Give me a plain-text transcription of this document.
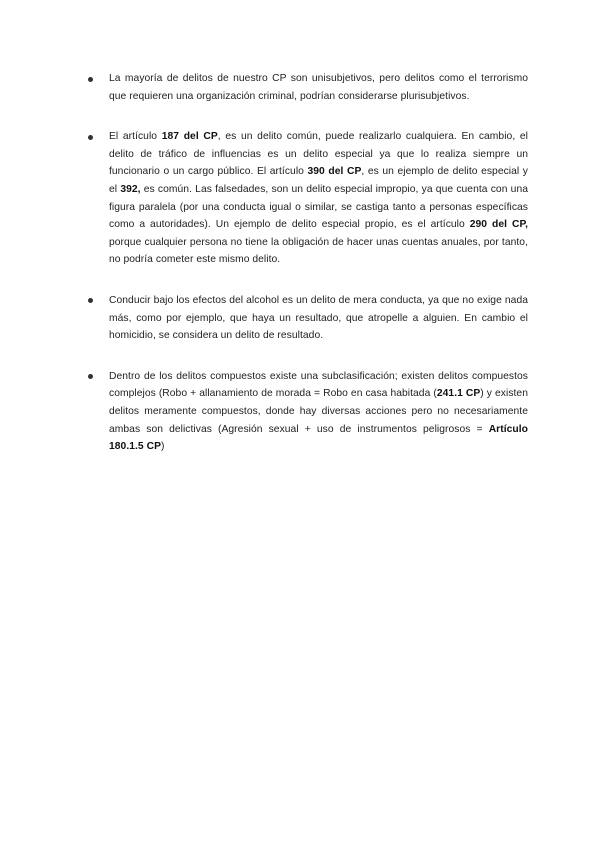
La mayoría de delitos de nuestro CP son unisubjetivos, pero delitos como el terrorismo que requieren una organización criminal, podrían considerarse plurisubjetivos.
El artículo 187 del CP, es un delito común, puede realizarlo cualquiera. En cambio, el delito de tráfico de influencias es un delito especial ya que lo realiza siempre un funcionario o un cargo público. El artículo 390 del CP, es un ejemplo de delito especial y el 392, es común. Las falsedades, son un delito especial impropio, ya que cuenta con una figura paralela (por una conducta igual o similar, se castiga tanto a personas específicas como a autoridades). Un ejemplo de delito especial propio, es el artículo 290 del CP, porque cualquier persona no tiene la obligación de hacer unas cuentas anuales, por tanto, no podría cometer este mismo delito.
Conducir bajo los efectos del alcohol es un delito de mera conducta, ya que no exige nada más, como por ejemplo, que haya un resultado, que atropelle a alguien. En cambio el homicidio, se considera un delito de resultado.
Dentro de los delitos compuestos existe una subclasificación; existen delitos compuestos complejos (Robo + allanamiento de morada = Robo en casa habitada (241.1 CP) y existen delitos meramente compuestos, donde hay diversas acciones pero no necesariamente ambas son delictivas (Agresión sexual + uso de instrumentos peligrosos = Artículo 180.1.5 CP)
